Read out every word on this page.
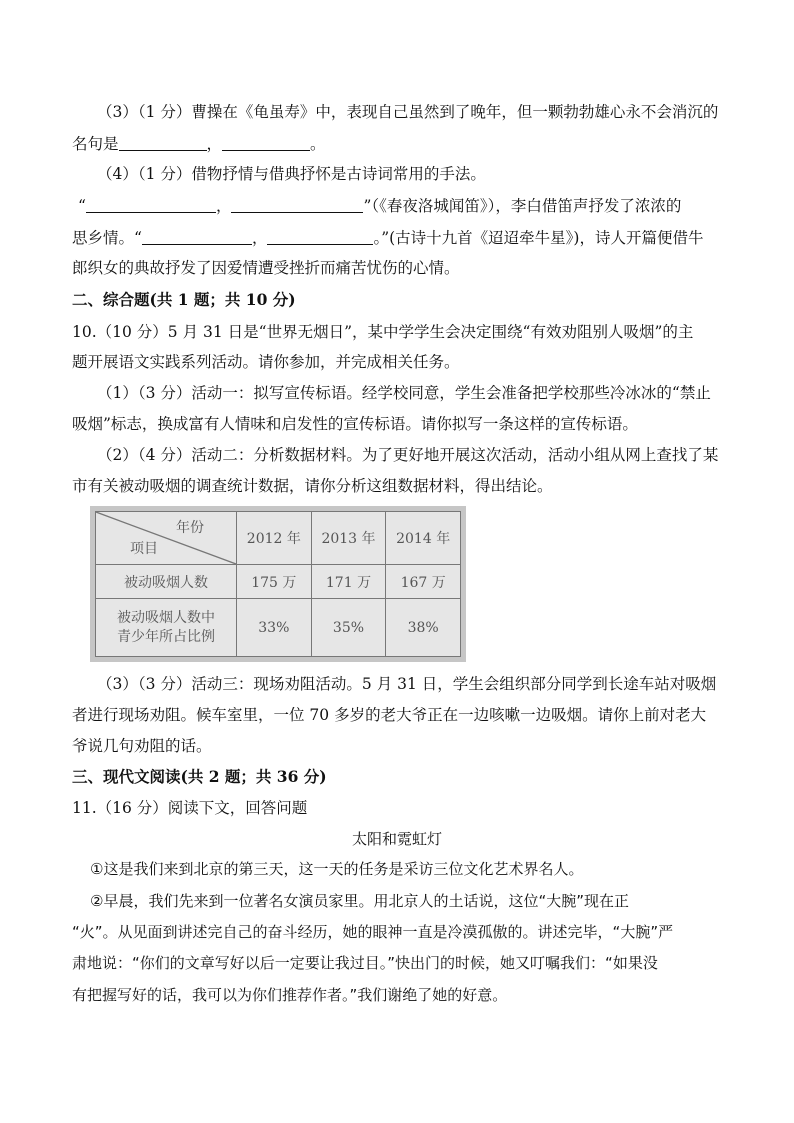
（3）（1 分）曹操在《龟虽寿》中，表现自己虽然到了晚年，但一颗勃勃雄心永不会消沉的
名句是	，	。
（4）（1 分）借物抒情与借典抒怀是古诗词常用的手法。
“	，	”（《春夜洛城闻笛》），李白借笛声抒发了浓浓的
思乡情。“	，	。”(古诗十九首《迢迢牵牛星》)，诗人开篇便借牛
郎织女的典故抒发了因爱情遭受挫折而痛苦忧伤的心情。
二、综合题(共 1 题；共 10 分)
10.（10 分）5 月 31 日是“世界无烟日”，某中学学生会决定围绕“有效劝阻别人吸烟”的主
题开展语文实践系列活动。请你参加，并完成相关任务。
（1）（3 分）活动一：拟写宣传标语。经学校同意，学生会准备把学校那些冷冰冰的“禁止
吸烟”标志，换成富有人情味和启发性的宣传标语。请你拟写一条这样的宣传标语。
（2）（4 分）活动二：分析数据材料。为了更好地开展这次活动，活动小组从网上查找了某
市有关被动吸烟的调查统计数据，请你分析这组数据材料，得出结论。
年份
项目	2012 年	2013 年	2014 年
被动吸烟人数	175 万	171 万	167 万

被动吸烟人数中
青少年所占比例	33%	35%	38%
（3）（3 分）活动三：现场劝阻活动。5 月 31 日，学生会组织部分同学到长途车站对吸烟
者进行现场劝阻。候车室里，一位 70 多岁的老大爷正在一边咳嗽一边吸烟。请你上前对老大
爷说几句劝阻的话。
三、现代文阅读(共 2 题；共 36 分)
11.（16 分）阅读下文，回答问题
太阳和霓虹灯
①这是我们来到北京的第三天，这一天的任务是采访三位文化艺术界名人。
②早晨，我们先来到一位著名女演员家里。用北京人的土话说，这位“大腕”现在正
“火”。从见面到讲述完自己的奋斗经历，她的眼神一直是冷漠孤傲的。讲述完毕，“大腕”严
肃地说：“你们的文章写好以后一定要让我过目。”快出门的时候，她又叮嘱我们：“如果没
有把握写好的话，我可以为你们推荐作者。”我们谢绝了她的好意。
